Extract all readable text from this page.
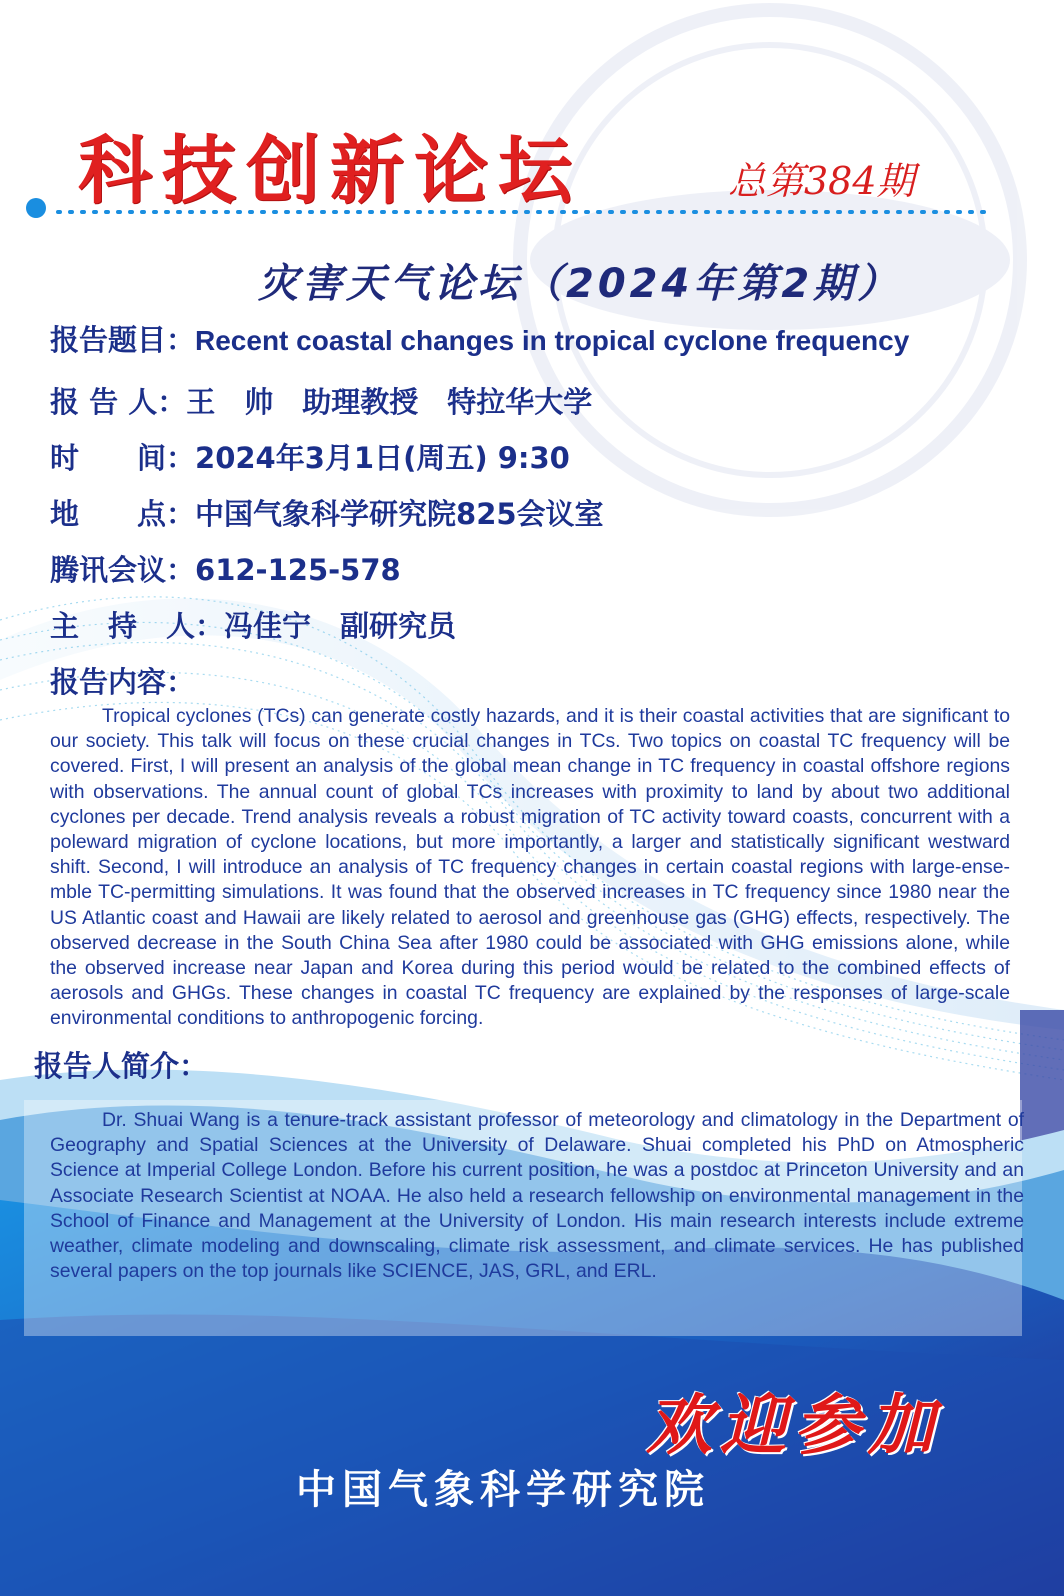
科技创新论坛	总第384期
灾害天气论坛（2024年第2期）
报告题目：Recent coastal changes in tropical cyclone frequency
报 告 人：王　帅　助理教授　特拉华大学
时　　间：2024年3月1日(周五) 9:30
地　　点：中国气象科学研究院825会议室
腾讯会议：612-125-578
主　持　人：冯佳宁　副研究员
报告内容：

Tropical cyclones (TCs) can generate costly hazards, and it is their coastal activities that are significant to our society. This talk will focus on these crucial changes in TCs. Two topics on coastal TC frequency will be covered. First, I will present an analysis of the global mean change in TC frequency in coastal offshore regions with observations. The annual count of global TCs increases with proximity to land by about two additional cyclones per decade. Trend analysis reveals a robust migration of TC activity toward coasts, concurrent with a poleward migration of cyclone locations, but more importantly, a larger and statistically significant westward shift. Second, I will introduce an analysis of TC frequency changes in certain coastal regions with large-ense-mble TC-permitting simulations. It was found that the observed increases in TC frequency since 1980 near the US Atlantic coast and Hawaii are likely related to aerosol and greenhouse gas (GHG) effects, respectively. The observed decrease in the South China Sea after 1980 could be associated with GHG emissions alone, while the observed increase near Japan and Korea during this period would be related to the combined effects of aerosols and GHGs. These changes in coastal TC frequency are explained by the responses of large-scale environmental conditions to anthropogenic forcing.

报告人简介：

Dr. Shuai Wang is a tenure-track assistant professor of meteorology and climatology in the Department of Geography and Spatial Sciences at the University of Delaware. Shuai completed his PhD on Atmospheric Science at Imperial College London. Before his current position, he was a postdoc at Princeton University and an Associate Research Scientist at NOAA. He also held a research fellowship on environmental management in the School of Finance and Management at the University of London. His main research interests include extreme weather, climate modeling and downscaling, climate risk assessment, and climate services. He has published several papers on the top journals like SCIENCE, JAS, GRL, and ERL.

欢迎参加
中国气象科学研究院
